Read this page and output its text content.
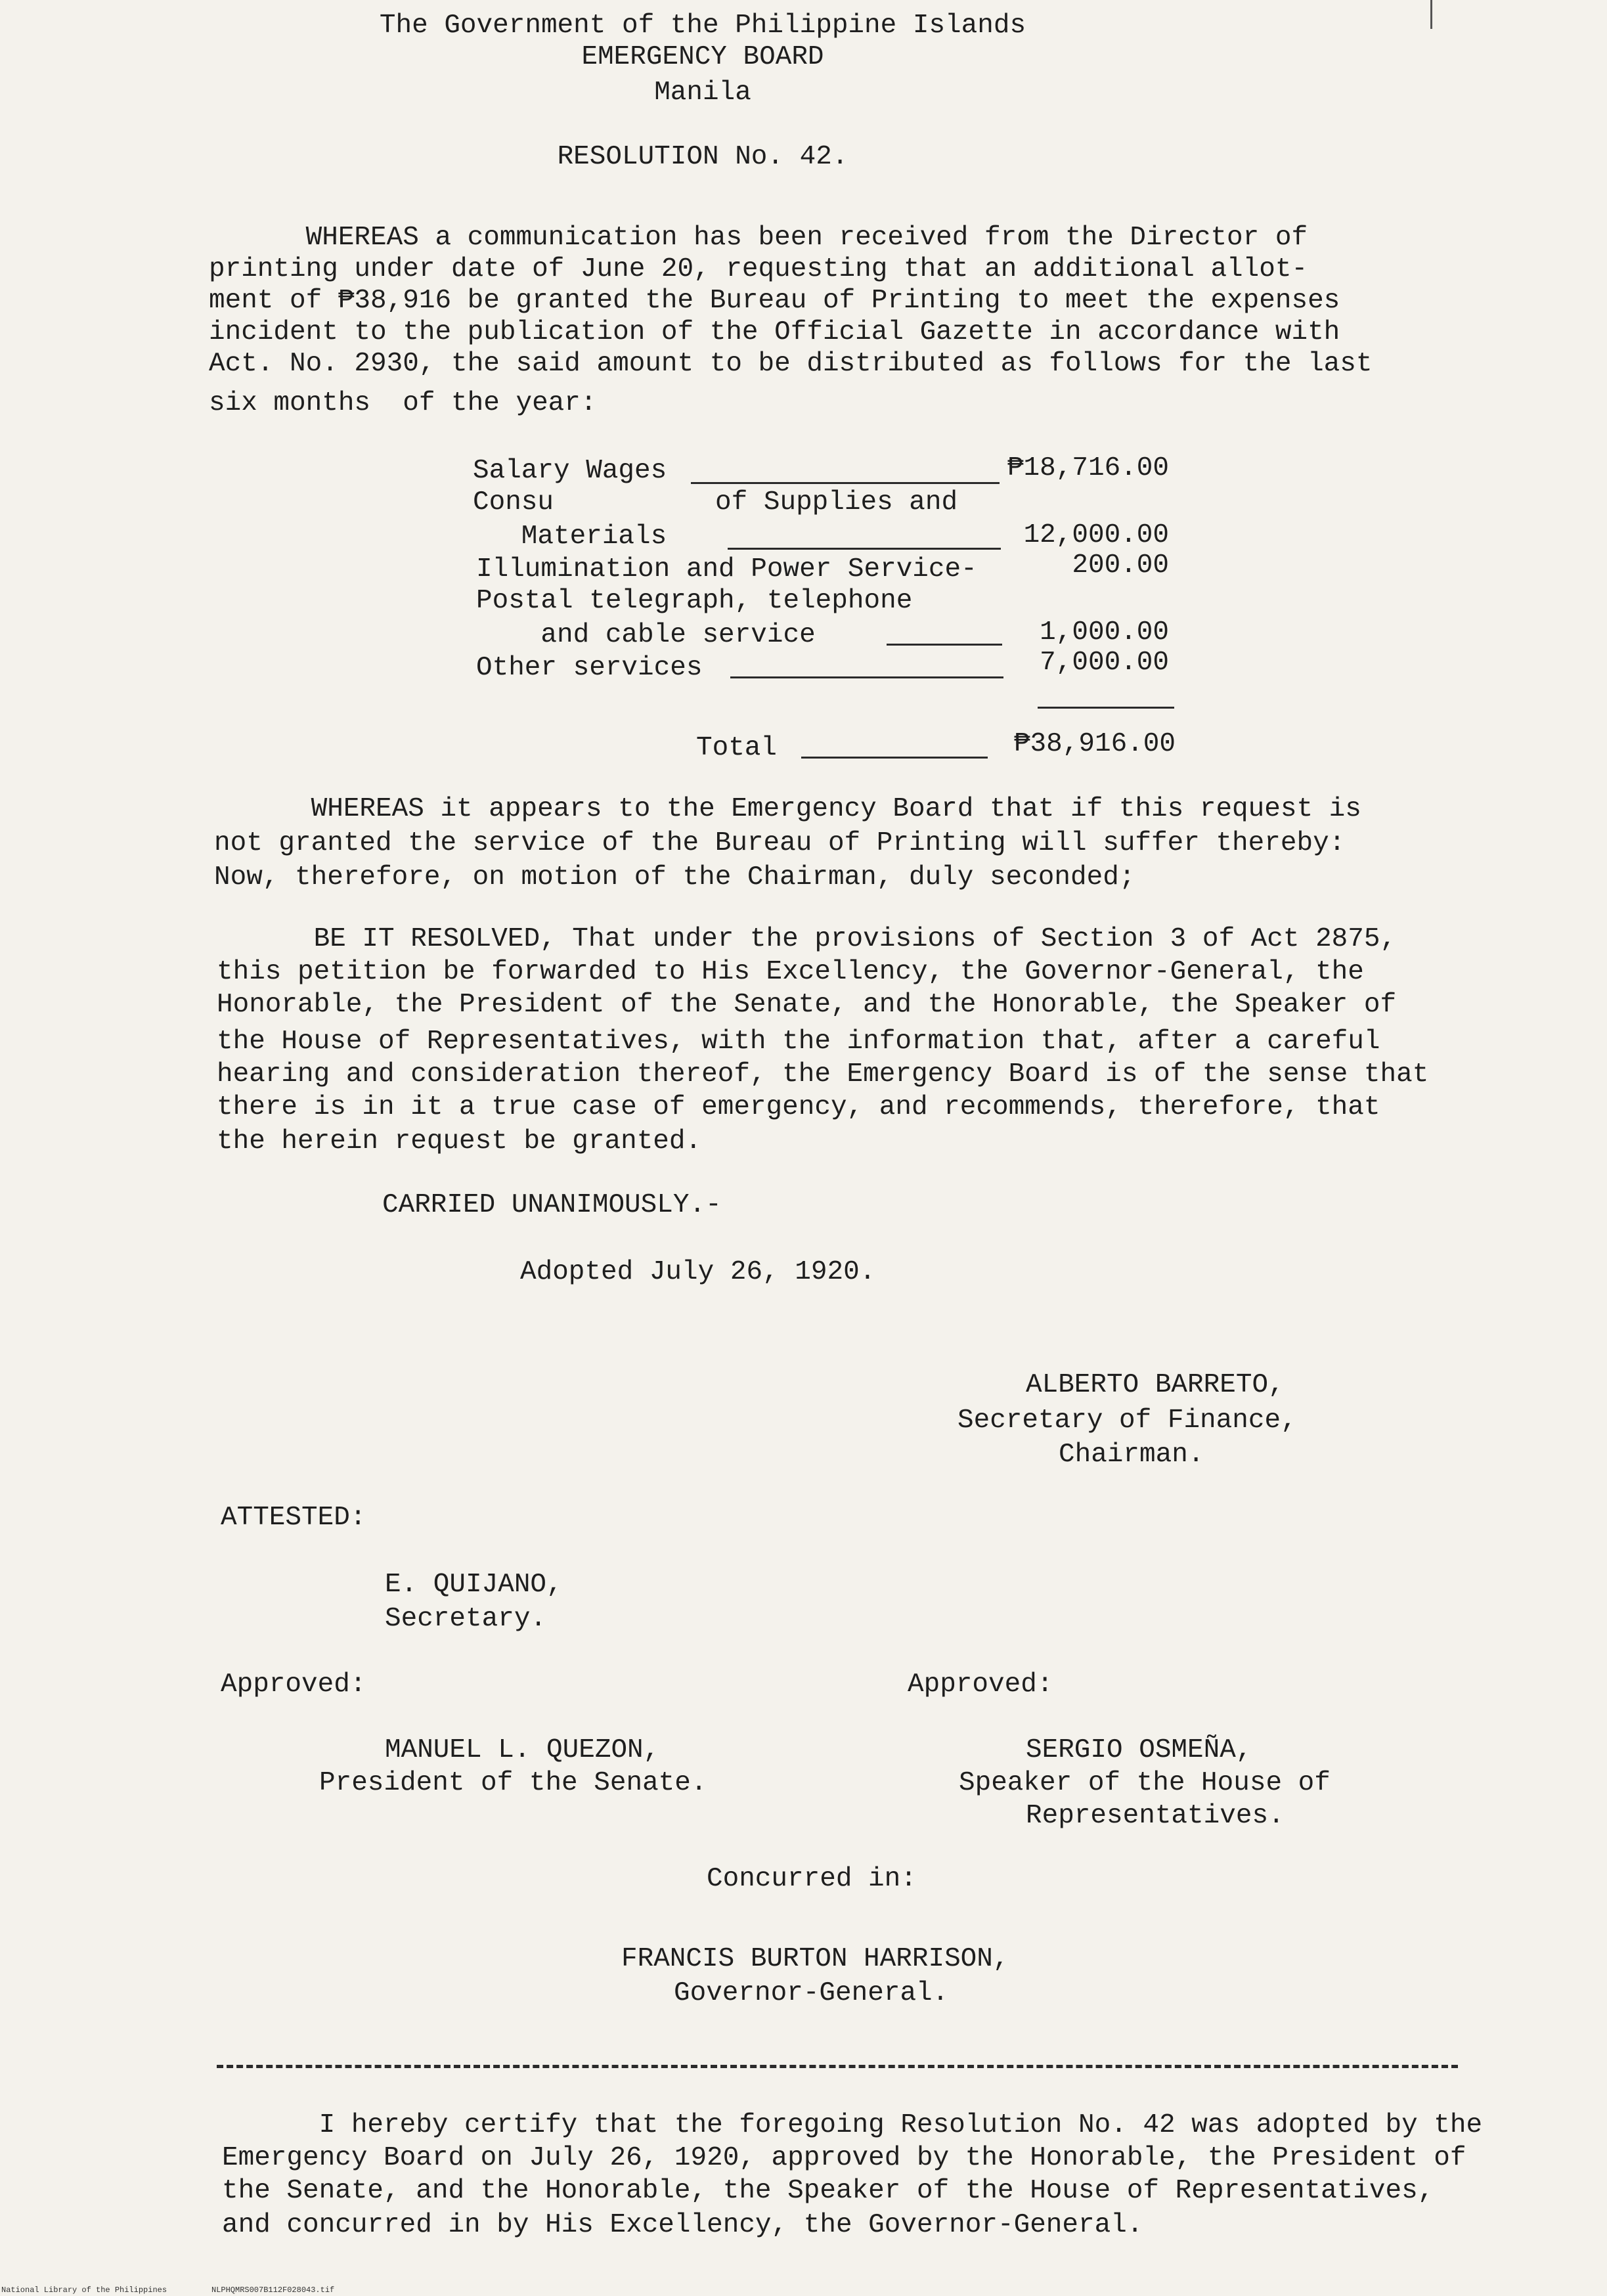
The Government of the Philippine Islands
EMERGENCY BOARD
Manila
RESOLUTION No. 42.
WHEREAS a communication has been received from the Director of
printing under date of June 20, requesting that an additional allot-
ment of ₱38,916 be granted the Bureau of Printing to meet the expenses
incident to the publication of the Official Gazette in accordance with
Act. No. 2930, the said amount to be distributed as follows for the last
six months  of the year:
Salary Wages	₱18,716.00
Consu          of Supplies and
Materials	12,000.00
Illumination and Power Service-	200.00
Postal telegraph, telephone
and cable service	1,000.00
Other services	7,000.00
Total	₱38,916.00
WHEREAS it appears to the Emergency Board that if this request is
not granted the service of the Bureau of Printing will suffer thereby:
Now, therefore, on motion of the Chairman, duly seconded;
BE IT RESOLVED, That under the provisions of Section 3 of Act 2875,
this petition be forwarded to His Excellency, the Governor-General, the
Honorable, the President of the Senate, and the Honorable, the Speaker of
the House of Representatives, with the information that, after a careful
hearing and consideration thereof, the Emergency Board is of the sense that
there is in it a true case of emergency, and recommends, therefore, that
the herein request be granted.
CARRIED UNANIMOUSLY.-
Adopted July 26, 1920.
ALBERTO BARRETO,
Secretary of Finance,
Chairman.
ATTESTED:
E. QUIJANO,
Secretary.
Approved:	Approved:
MANUEL L. QUEZON,
President of the Senate.
SERGIO OSMEÑA,
Speaker of the House of
Representatives.
Concurred in:
FRANCIS BURTON HARRISON,
Governor-General.
I hereby certify that the foregoing Resolution No. 42 was adopted by the
Emergency Board on July 26, 1920, approved by the Honorable, the President of
the Senate, and the Honorable, the Speaker of the House of Representatives,
and concurred in by His Excellency, the Governor-General.
National Library of the Philippines	NLPHQMRS007B112F028043.tif
